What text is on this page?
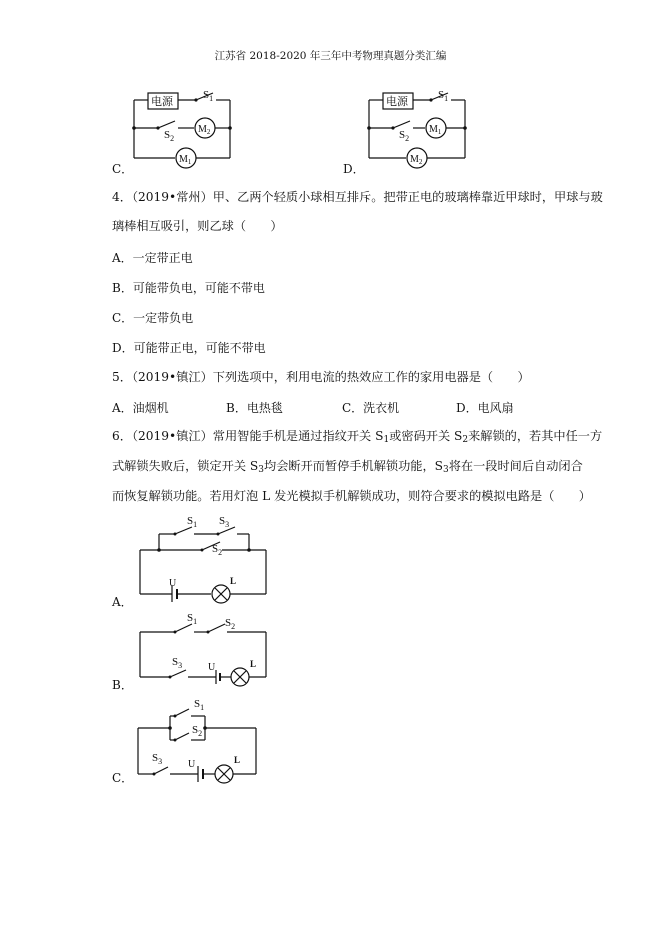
江苏省 2018-2020 年三年中考物理真题分类汇编
电源
$S_1$
$S_2$
$M_2$
$M_1$
C．
电源
$S_1$
$S_2$
$M_1$
$M_2$
D．
4．（2019•常州）甲、乙两个轻质小球相互排斥。把带正电的玻璃棒靠近甲球时，甲球与玻
璃棒相互吸引，则乙球（　　）
A．一定带正电
B．可能带负电，可能不带电
C．一定带负电
D．可能带正电，可能不带电
5．（2019•镇江）下列选项中，利用电流的热效应工作的家用电器是（　　）
A．油烟机	B．电热毯	C．洗衣机	D．电风扇
6．（2019•镇江）常用智能手机是通过指纹开关 $S_1$或密码开关 $S_2$来解锁的，若其中任一方
式解锁失败后，锁定开关 $S_3$均会断开而暂停手机解锁功能，$S_3$将在一段时间后自动闭合
而恢复解锁功能。若用灯泡 L 发光模拟手机解锁成功，则符合要求的模拟电路是（　　）
$S_1$ $S_3$
$S_2$
U	L
A．
$S_1$	$S_2$
$S_3$	U	L
B．
$S_1$
$S_2$
$S_3$	U	L
C．
